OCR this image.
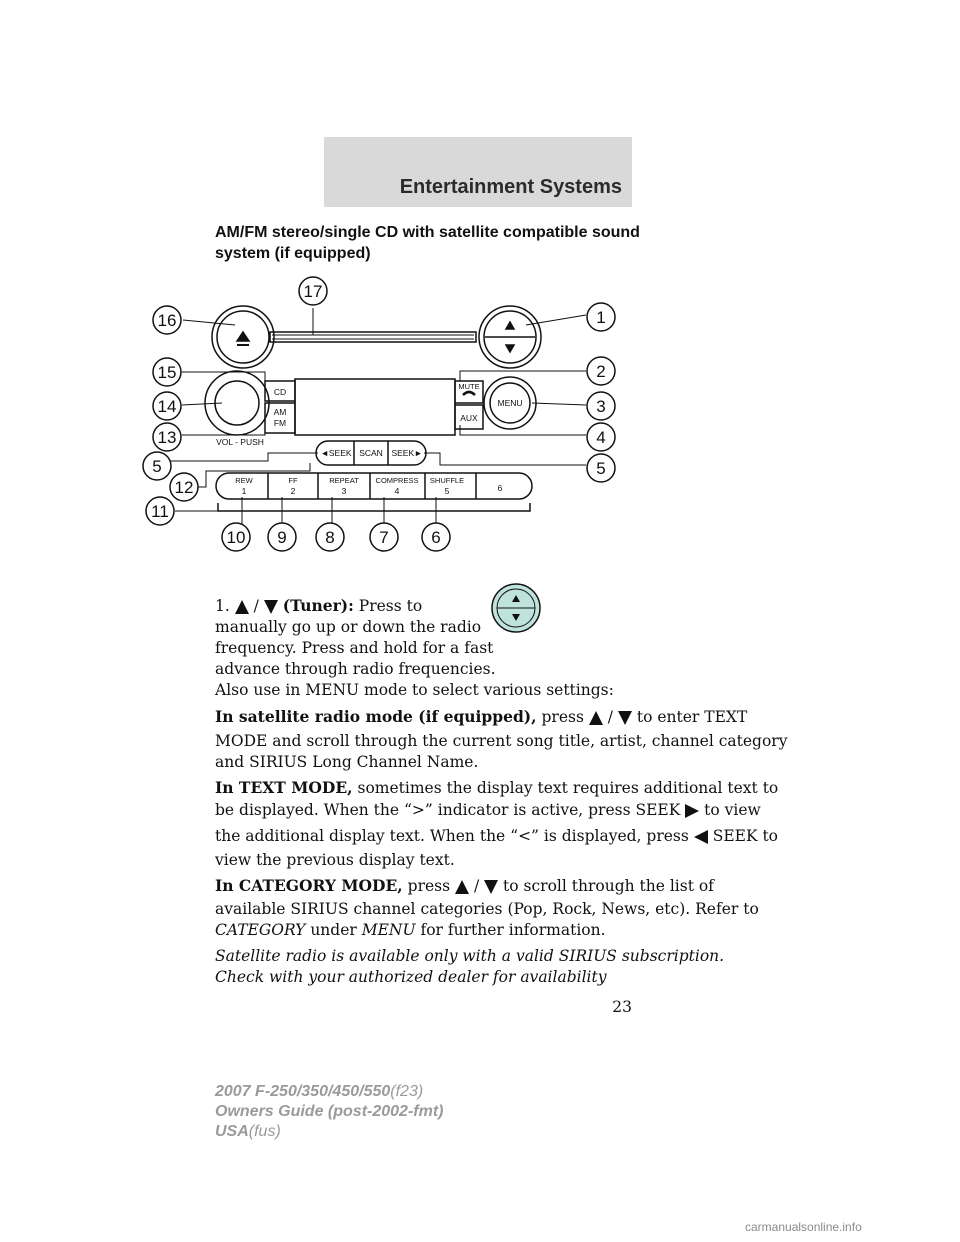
Entertainment Systems
AM/FM stereo/single CD with satellite compatible sound system (if equipped)
17
16	1
15	2
14	3
13	4
5	5
12
11
10 9 8	7	6
CD
AM
FM
VOL - PUSH
MUTE
AUX
MENU
◄SEEK SCAN SEEK►
REW
1
FF
2
REPEAT
3
COMPRESS
4
SHUFFLE
5	6
1. / (Tuner): Press to
manually go up or down the radio
frequency. Press and hold for a fast
advance through radio frequencies.
Also use in MENU mode to select various settings:
In satellite radio mode (if equipped), press / to enter TEXT
MODE and scroll through the current song title, artist, channel category
and SIRIUS Long Channel Name.
In TEXT MODE, sometimes the display text requires additional text to
be displayed. When the “>” indicator is active, press SEEK to view
the additional display text. When the “<” is displayed, press SEEK to
view the previous display text.
In CATEGORY MODE, press / to scroll through the list of
available SIRIUS channel categories (Pop, Rock, News, etc). Refer to
CATEGORY under MENU for further information.
Satellite radio is available only with a valid SIRIUS subscription.
Check with your authorized dealer for availability
23
2007 F-250/350/450/550(f23)
Owners Guide (post-2002-fmt)
USA(fus)
carmanualsonline.info
